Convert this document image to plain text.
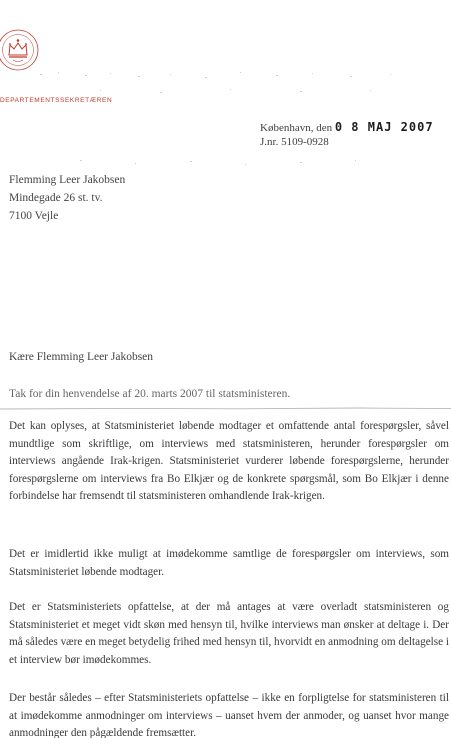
DEPARTEMENTSSEKRETÆREN
København, den 0 8 MAJ 2007
J.nr. 5109-0928
Flemming Leer Jakobsen
Mindegade 26 st. tv.
7100 Vejle
Kære Flemming Leer Jakobsen
Tak for din henvendelse af 20. marts 2007 til statsministeren.
Det kan oplyses, at Statsministeriet løbende modtager et omfattende antal forespørgsler, såvel mundtlige som skriftlige, om interviews med statsministeren, herunder forespørgsler om interviews angående Irak-krigen. Statsministeriet vurderer løbende forespørgslerne, herunder forespørgslerne om interviews fra Bo Elkjær og de konkrete spørgsmål, som Bo Elkjær i denne forbindelse har fremsendt til statsministeren omhandlende Irak-krigen.
Det er imidlertid ikke muligt at imødekomme samtlige de forespørgsler om interviews, som Statsministeriet løbende modtager.
Det er Statsministeriets opfattelse, at der må antages at være overladt statsministeren og Statsministeriet et meget vidt skøn med hensyn til, hvilke interviews man ønsker at deltage i. Der må således være en meget betydelig frihed med hensyn til, hvorvidt en anmodning om deltagelse i et interview bør imødekommes.
Der består således – efter Statsministeriets opfattelse – ikke en forpligtelse for statsministeren til at imødekomme anmodninger om interviews – uanset hvem der anmoder, og uanset hvor mange anmodninger den pågældende fremsætter.
